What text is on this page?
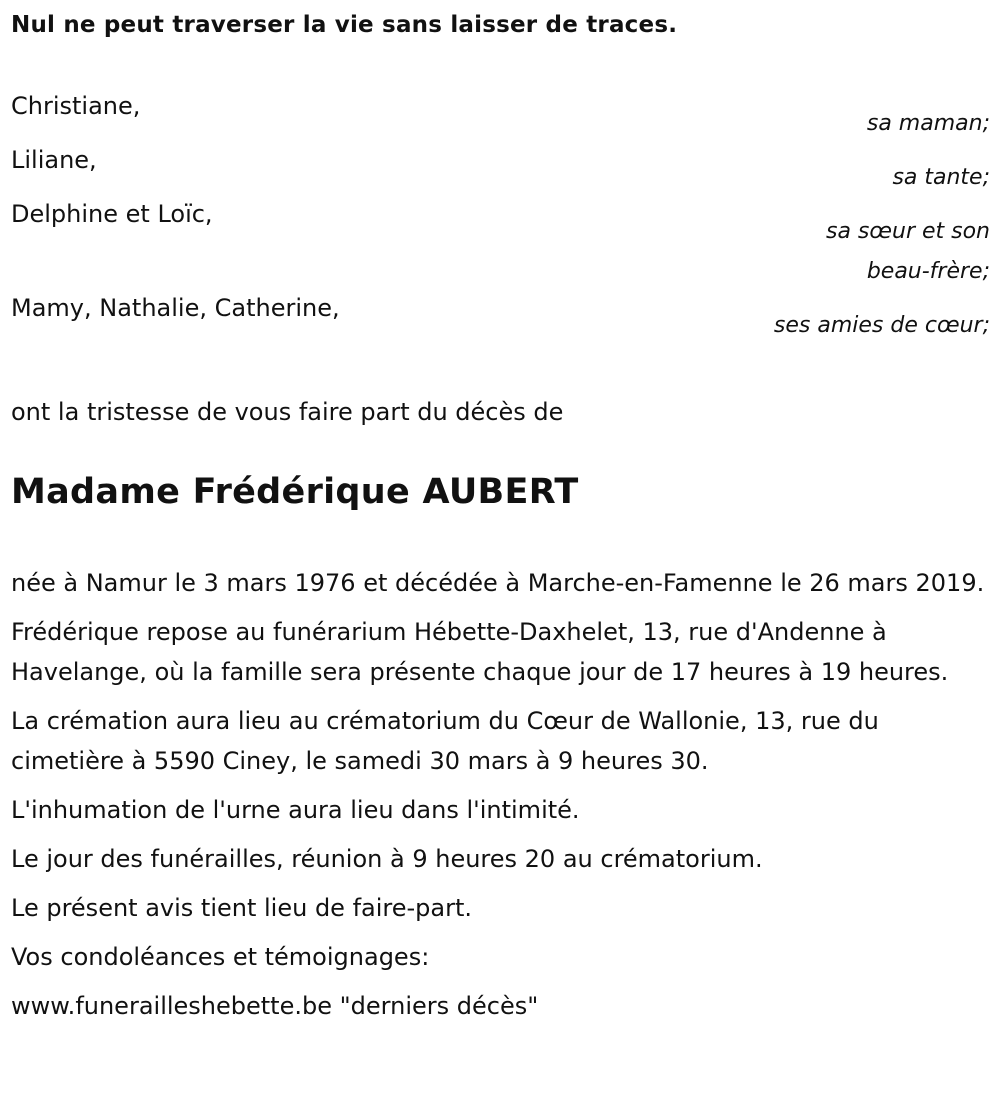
Nul ne peut traverser la vie sans laisser de traces.

Christiane,

sa maman;

Liliane,

sa tante;

Delphine et Loïc,

sa sœur et son

beau-frère;

Mamy, Nathalie, Catherine,

ses amies de cœur;

ont la tristesse de vous faire part du décès de

Madame Frédérique AUBERT

née à Namur le 3 mars 1976 et décédée à Marche-en-Famenne le 26 mars 2019.

Frédérique repose au funérarium Hébette-Daxhelet, 13, rue d'Andenne à Havelange, où la famille sera présente chaque jour de 17 heures à 19 heures.

La crémation aura lieu au crématorium du Cœur de Wallonie, 13, rue du cimetière à 5590 Ciney, le samedi 30 mars à 9 heures 30.

L'inhumation de l'urne aura lieu dans l'intimité.

Le jour des funérailles, réunion à 9 heures 20 au crématorium.

Le présent avis tient lieu de faire-part.

Vos condoléances et témoignages:

www.funerailleshebette.be "derniers décès"
